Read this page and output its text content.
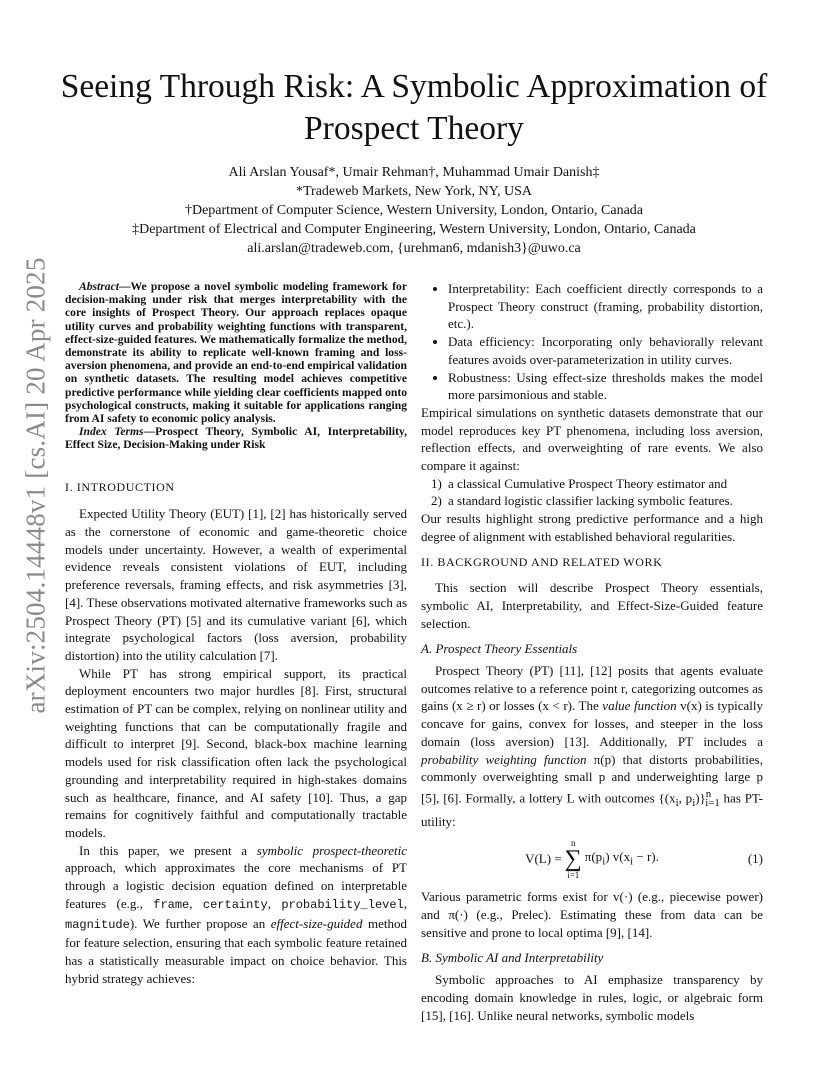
arXiv:2504.14448v1 [cs.AI] 20 Apr 2025
Seeing Through Risk: A Symbolic Approximation of Prospect Theory
Ali Arslan Yousaf*, Umair Rehman†, Muhammad Umair Danish‡
*Tradeweb Markets, New York, NY, USA
†Department of Computer Science, Western University, London, Ontario, Canada
‡Department of Electrical and Computer Engineering, Western University, London, Ontario, Canada
ali.arslan@tradeweb.com, {urehman6, mdanish3}@uwo.ca

Abstract—We propose a novel symbolic modeling framework for decision-making under risk that merges interpretability with the core insights of Prospect Theory. Our approach replaces opaque utility curves and probability weighting functions with transparent, effect-size-guided features. We mathematically formalize the method, demonstrate its ability to replicate well-known framing and loss-aversion phenomena, and provide an end-to-end empirical validation on synthetic datasets. The resulting model achieves competitive predictive performance while yielding clear coefficients mapped onto psychological constructs, making it suitable for applications ranging from AI safety to economic policy analysis.

Index Terms—Prospect Theory, Symbolic AI, Interpretability, Effect Size, Decision-Making under Risk

I. INTRODUCTION

Expected Utility Theory (EUT) [1], [2] has historically served as the cornerstone of economic and game-theoretic choice models under uncertainty. However, a wealth of experimental evidence reveals consistent violations of EUT, including preference reversals, framing effects, and risk asymmetries [3], [4]. These observations motivated alternative frameworks such as Prospect Theory (PT) [5] and its cumulative variant [6], which integrate psychological factors (loss aversion, probability distortion) into the utility calculation [7].

While PT has strong empirical support, its practical deployment encounters two major hurdles [8]. First, structural estimation of PT can be complex, relying on nonlinear utility and weighting functions that can be computationally fragile and difficult to interpret [9]. Second, black-box machine learning models used for risk classification often lack the psychological grounding and interpretability required in high-stakes domains such as healthcare, finance, and AI safety [10]. Thus, a gap remains for cognitively faithful and computationally tractable models.

In this paper, we present a symbolic prospect-theoretic approach, which approximates the core mechanisms of PT through a logistic decision equation defined on interpretable features (e.g., frame, certainty, probability_level, magnitude). We further propose an effect-size-guided method for feature selection, ensuring that each symbolic feature retained has a statistically measurable impact on choice behavior. This hybrid strategy achieves:

• Interpretability: Each coefficient directly corresponds to a Prospect Theory construct (framing, probability distortion, etc.).
• Data efficiency: Incorporating only behaviorally relevant features avoids over-parameterization in utility curves.
• Robustness: Using effect-size thresholds makes the model more parsimonious and stable.

Empirical simulations on synthetic datasets demonstrate that our model reproduces key PT phenomena, including loss aversion, reflection effects, and overweighting of rare events. We also compare it against:

1) a classical Cumulative Prospect Theory estimator and
2) a standard logistic classifier lacking symbolic features.

Our results highlight strong predictive performance and a high degree of alignment with established behavioral regularities.

II. BACKGROUND AND RELATED WORK

This section will describe Prospect Theory essentials, symbolic AI, Interpretability, and Effect-Size-Guided feature selection.

A. Prospect Theory Essentials

Prospect Theory (PT) [11], [12] posits that agents evaluate outcomes relative to a reference point r, categorizing outcomes as gains (x ≥ r) or losses (x < r). The value function v(x) is typically concave for gains, convex for losses, and steeper in the loss domain (loss aversion) [13]. Additionally, PT includes a probability weighting function π(p) that distorts probabilities, commonly overweighting small p and underweighting large p [5], [6]. Formally, a lottery L with outcomes {($x_i$, $p_i)\}^n_{i=1}$ has PT-utility:

V(L) =
n
∑
i=1
$\pi(p_i) v(x_i - r)$.	(1)

Various parametric forms exist for v(·) (e.g., piecewise power) and π(·) (e.g., Prelec). Estimating these from data can be sensitive and prone to local optima [9], [14].

B. Symbolic AI and Interpretability

Symbolic approaches to AI emphasize transparency by encoding domain knowledge in rules, logic, or algebraic form [15], [16]. Unlike neural networks, symbolic models
